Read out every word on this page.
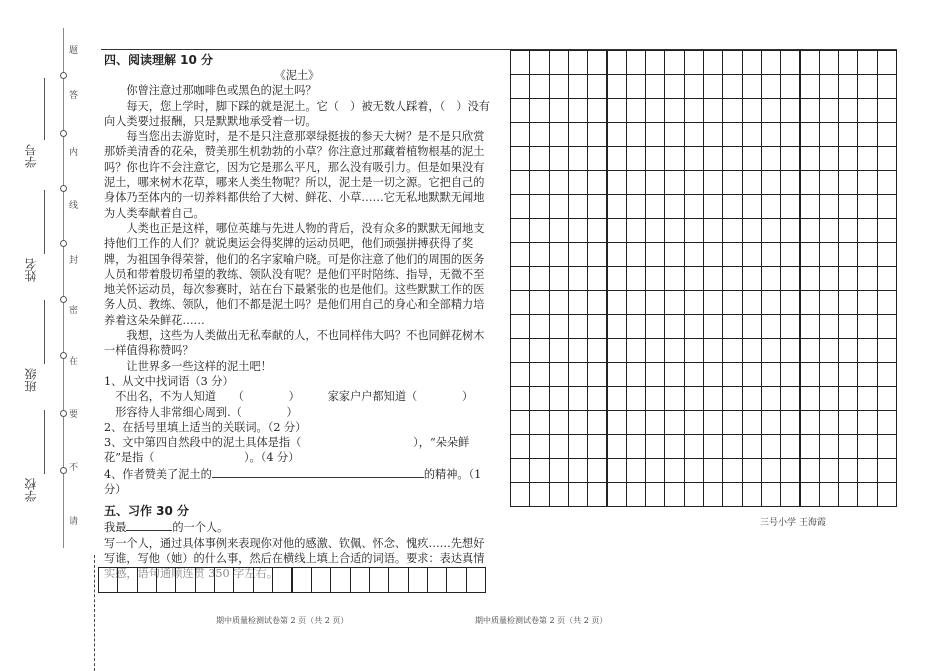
题
答
内
线
封
密
在
要
不
请
学号
姓名
班级
学校

四、阅读理解 10 分

《泥土》

你曾注意过那咖啡色或黑色的泥土吗？

每天，您上学时，脚下踩的就是泥土。它（　）被无数人踩着，（　）没有向人类要过报酬，只是默默地承受着一切。

每当您出去游览时，是不是只注意那翠绿挺拔的参天大树？是不是只欣赏那娇美清香的花朵，赞美那生机勃勃的小草？你注意过那藏着植物根基的泥土吗？你也许不会注意它，因为它是那么平凡，那么没有吸引力。但是如果没有泥土，哪来树木花草，哪来人类生物呢？所以，泥土是一切之源。它把自己的身体乃至体内的一切养料都供给了大树、鲜花、小草……它无私地默默无闻地为人类奉献着自己。

人类也正是这样，哪位英雄与先进人物的背后，没有众多的默默无闻地支持他们工作的人们？就说奥运会得奖牌的运动员吧，他们顽强拼搏获得了奖牌，为祖国争得荣誉，他们的名字家喻户晓。可是你注意了他们的周围的医务人员和带着殷切希望的教练、领队没有呢？是他们平时陪练、指导，无微不至地关怀运动员，每次参赛时，站在台下最紧张的也是他们。这些默默工作的医务人员、教练、领队，他们不都是泥土吗？是他们用自己的身心和全部精力培养着这朵朵鲜花……

我想，这些为人类做出无私奉献的人，不也同样伟大吗？不也同鲜花树木一样值得称赞吗？

让世界多一些这样的泥土吧！

1、从文中找词语（3 分）

不出名，不为人知道　　（　　　　）　　　家家户户都知道（　　　　）

形容待人非常细心周到.（　　　　）

2、在括号里填上适当的关联词。（2 分）

3、文中第四自然段中的泥土具体是指（　　　　　　　　　　），“朵朵鲜花”是指（　　　　　　　　）。（4 分）

4、作者赞美了泥土的	的精神。（1 分）

五、习作 30 分

我最	的一个人。

写一个人，通过具体事例来表现你对他的感激、钦佩、怀念、愧疚……先想好写谁，写他（她）的什么事，然后在横线上填上合适的词语。要求：表达真情

实感，语句通顺连贯 350 字左右。

三号小学 王海霞
期中质量检测试卷第 2 页（共 2 页）	期中质量检测试卷第 2 页（共 2 页）
